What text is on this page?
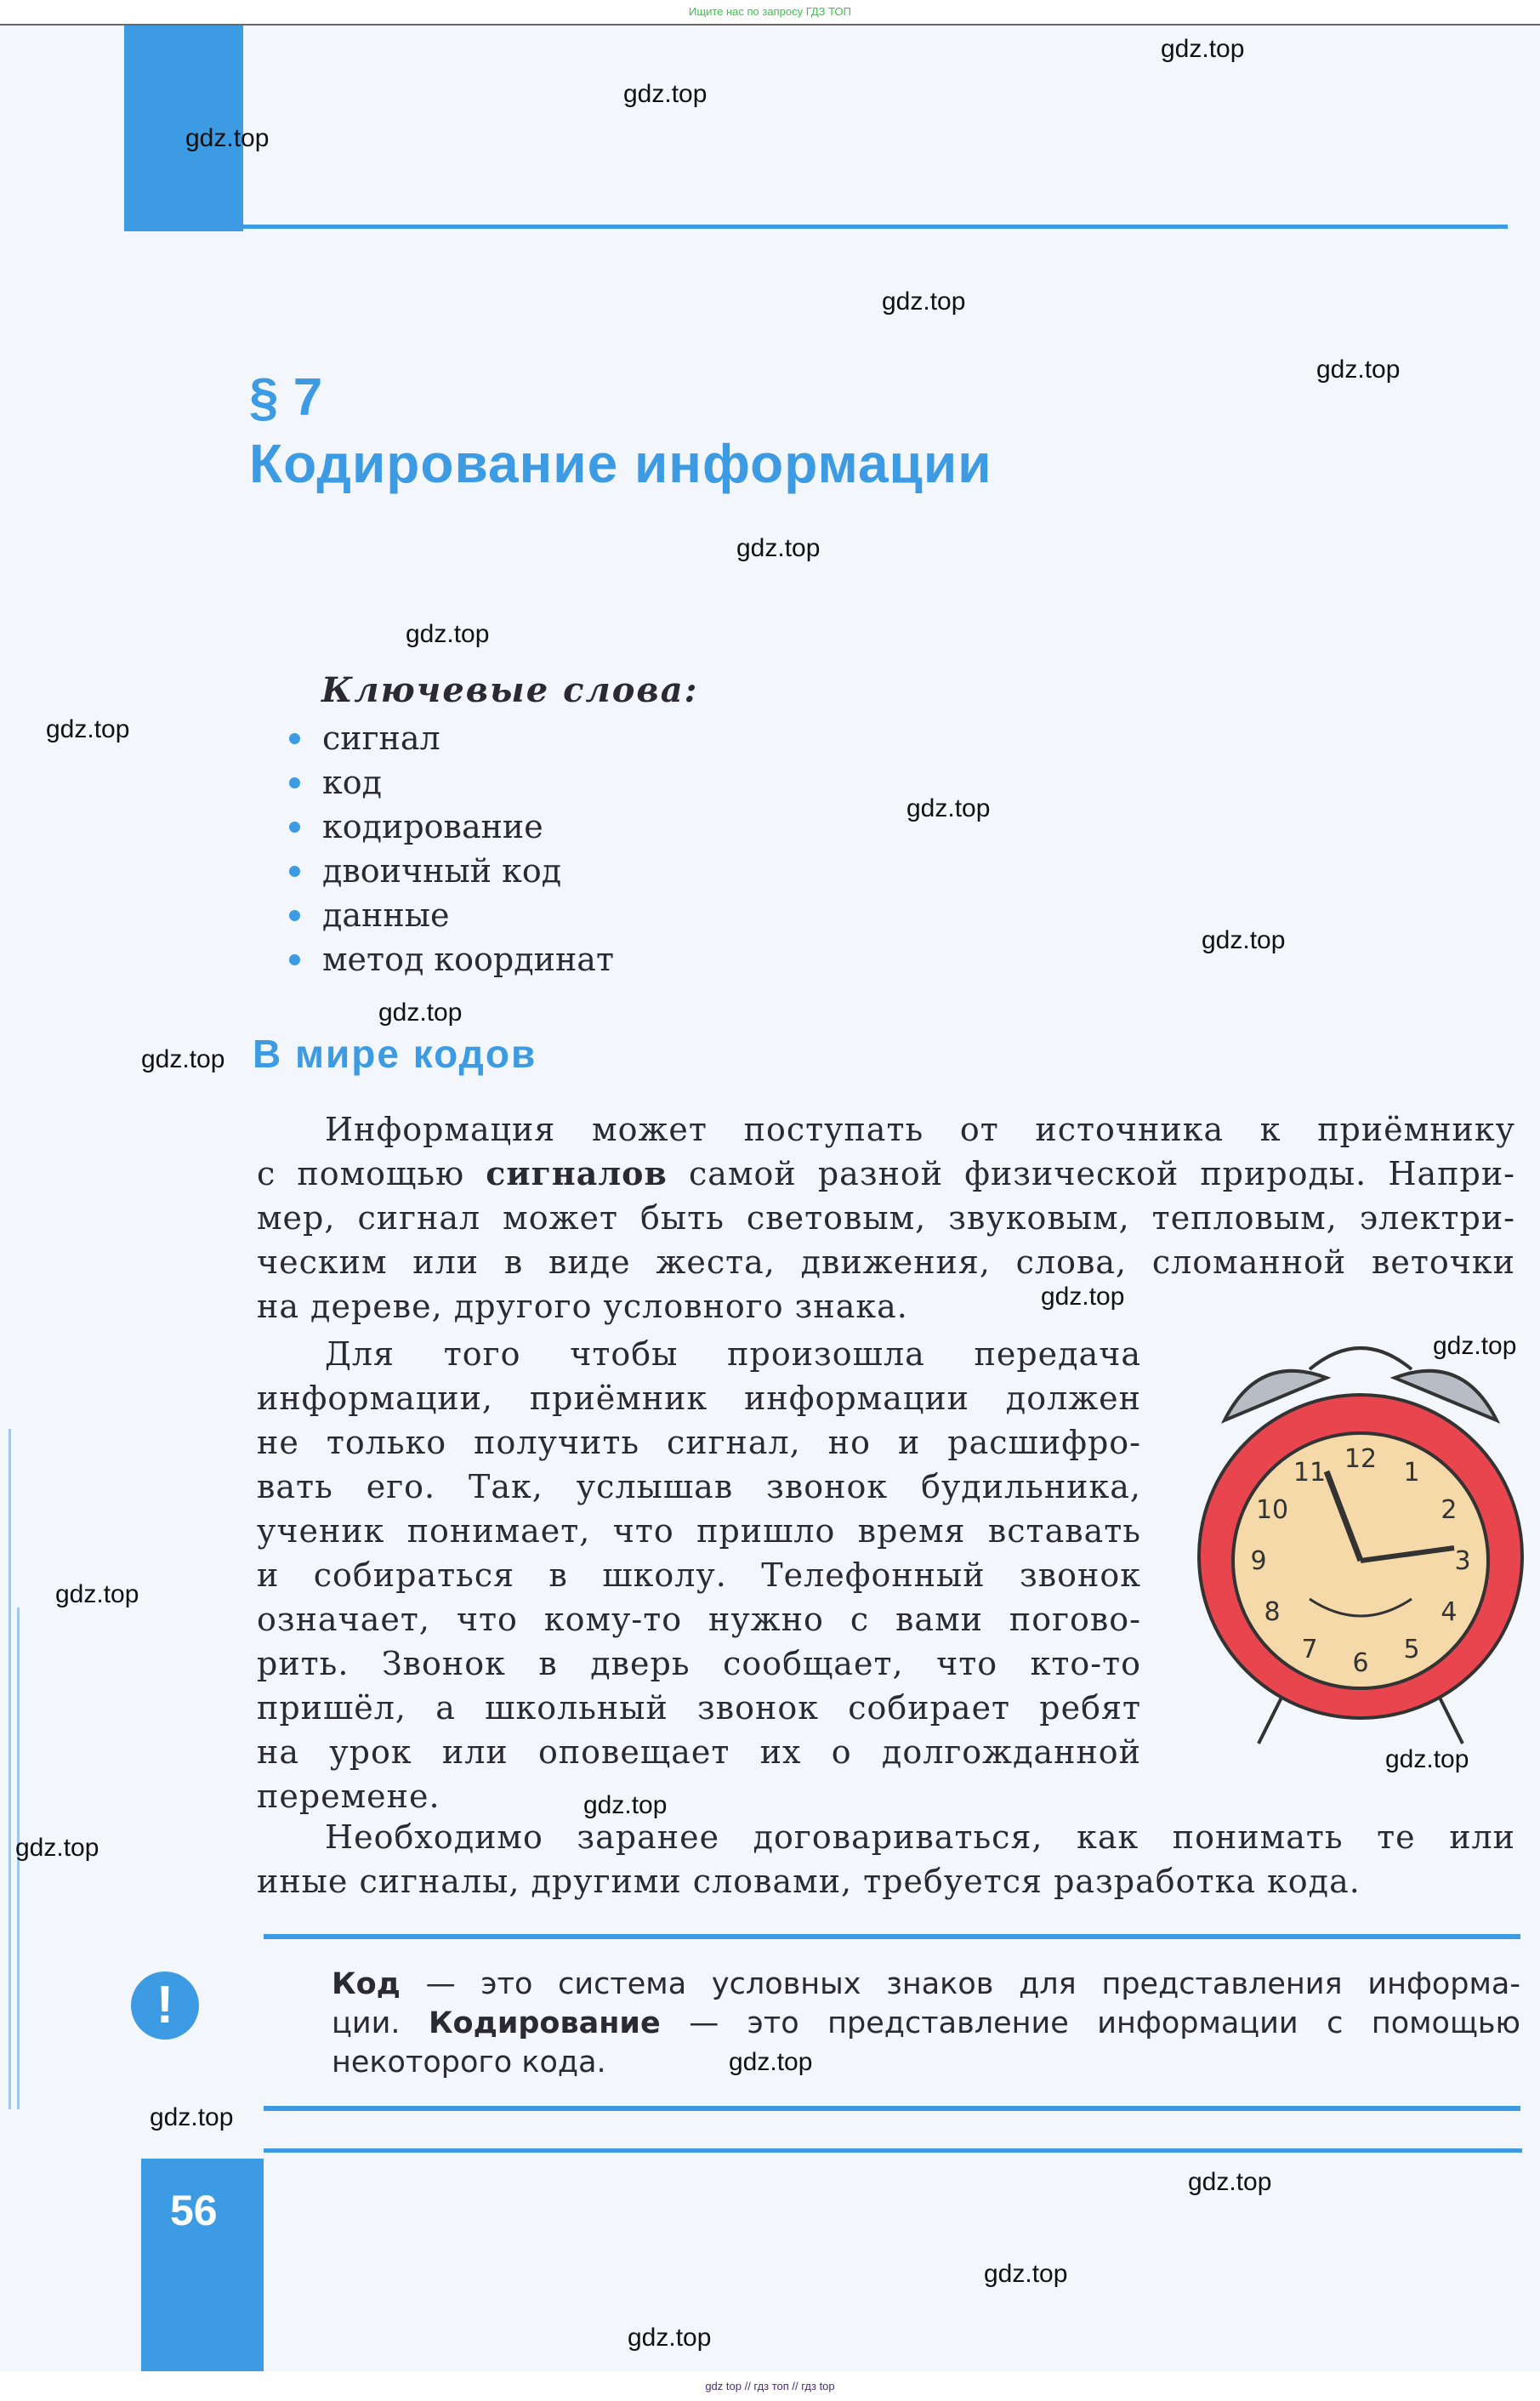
Ищите нас по запросу ГДЗ ТОП
§ 7
Кодирование информации
Ключевые слова:
сигнал
код
кодирование
двоичный код
данные
метод координат
В мире кодов
Информация может поступать от источника к приёмнику
с помощью сигналов самой разной физической природы. Напри-
мер, сигнал может быть световым, звуковым, тепловым, электри-
ческим или в виде жеста, движения, слова, сломанной веточки
на дереве, другого условного знака.
Для того чтобы произошла передача
информации, приёмник информации должен
не только получить сигнал, но и расшифро-
вать его. Так, услышав звонок будильника,
ученик понимает, что пришло время вставать
и собираться в школу. Телефонный звонок
означает, что кому-то нужно с вами погово-
рить. Звонок в дверь сообщает, что кто-то
пришёл, а школьный звонок собирает ребят
на урок или оповещает их о долгожданной
перемене.
Необходимо заранее договариваться, как понимать те или
иные сигналы, другими словами, требуется разработка кода.
12 1
2
3
4
5
6
7
8
9
10
11
!	Код — это система условных знаков для представления информа-
ции. Кодирование — это представление информации с помощью
некоторого кода.
56
gdz.top
gdz.top
gdz.top
gdz.top
gdz.top
gdz.top
gdz.top
gdz.top
gdz.top
gdz.top
gdz.top
gdz.top
gdz.top
gdz.top
gdz.top
gdz.top
gdz.top
gdz.top
gdz.top
gdz.top
gdz.top
gdz.top
gdz.top
gdz top // гдз топ // гдз top
